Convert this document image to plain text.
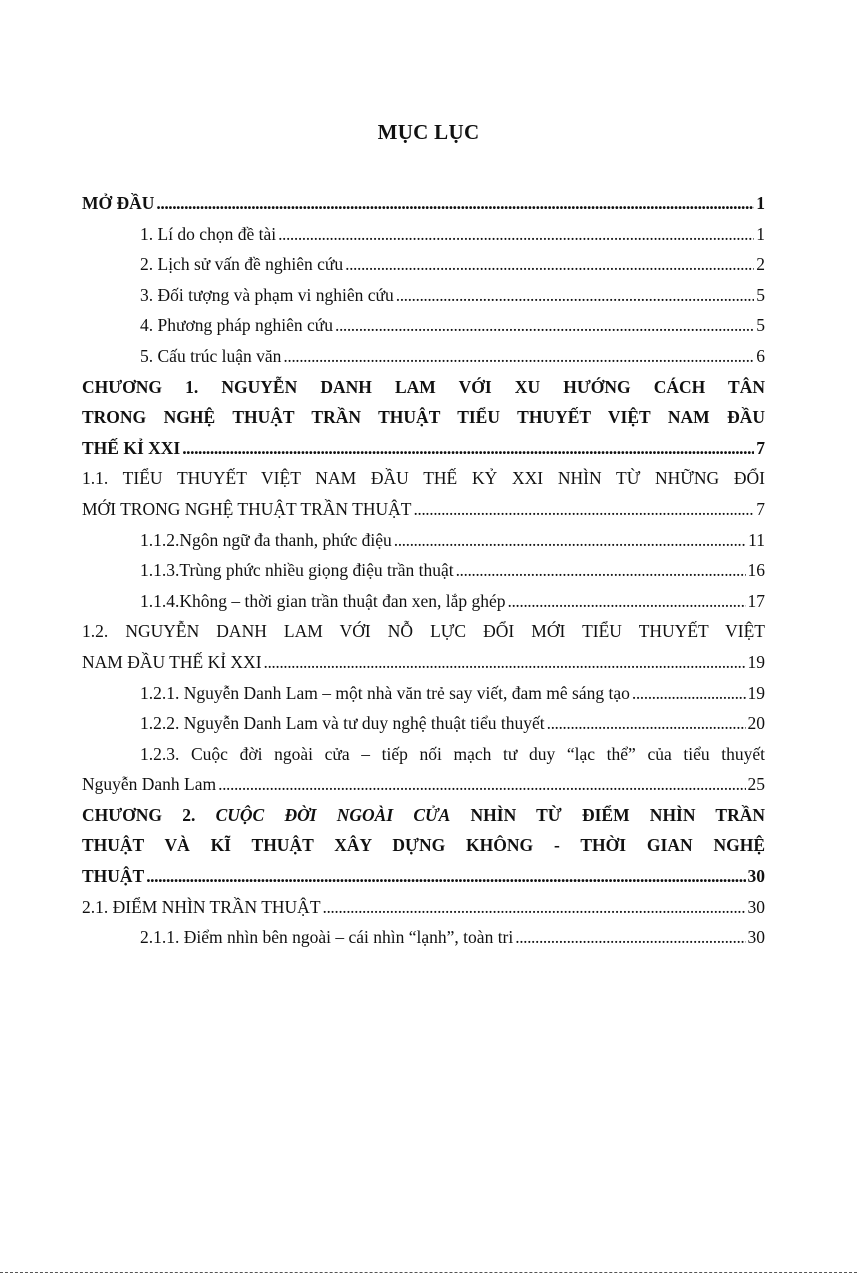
MỤC LỤC
MỞ ĐẦU . . .	1
1. Lí do chọn đề tài . . .	1
2. Lịch sử vấn đề nghiên cứu . . .	2
3. Đối tượng và phạm vi nghiên cứu . . .	5
4. Phương pháp nghiên cứu . . .	5
5. Cấu trúc luận văn . . .	6
CHƯƠNG 1. NGUYỄN DANH LAM VỚI XU HƯỚNG CÁCH TÂN
TRONG NGHỆ THUẬT TRẦN THUẬT TIỂU THUYẾT VIỆT NAM ĐẦU
THẾ KỈ XXI . . .	7
1.1. TIỂU THUYẾT VIỆT NAM ĐẦU THẾ KỶ XXI NHÌN TỪ NHỮNG ĐỔI
MỚI TRONG NGHỆ THUẬT TRẦN THUẬT . . .	7
1.1.2.Ngôn ngữ đa thanh, phức điệu . . .	11
1.1.3.Trùng phức nhiều giọng điệu trần thuật . . .	16
1.1.4.Không – thời gian trần thuật đan xen, lắp ghép . . .	17
1.2. NGUYỄN DANH LAM VỚI NỖ LỰC ĐỔI MỚI TIỂU THUYẾT VIỆT
NAM ĐẦU THẾ KỈ XXI . . .	19
1.2.1. Nguyễn Danh Lam – một nhà văn trẻ say viết, đam mê sáng tạo . . .	19
1.2.2. Nguyễn Danh Lam và tư duy nghệ thuật tiểu thuyết . . .	20
1.2.3. Cuộc đời ngoài cửa – tiếp nối mạch tư duy “lạc thể” của tiểu thuyết
Nguyễn Danh Lam . . .	25
CHƯƠNG 2. CUỘC ĐỜI NGOÀI CỬA NHÌN TỪ ĐIỂM NHÌN TRẦN
THUẬT VÀ KĨ THUẬT XÂY DỰNG KHÔNG - THỜI GIAN NGHỆ
THUẬT . . .	30
2.1. ĐIỂM NHÌN TRẦN THUẬT . . .	30
2.1.1. Điểm nhìn bên ngoài – cái nhìn “lạnh”, toàn tri . . .	30
